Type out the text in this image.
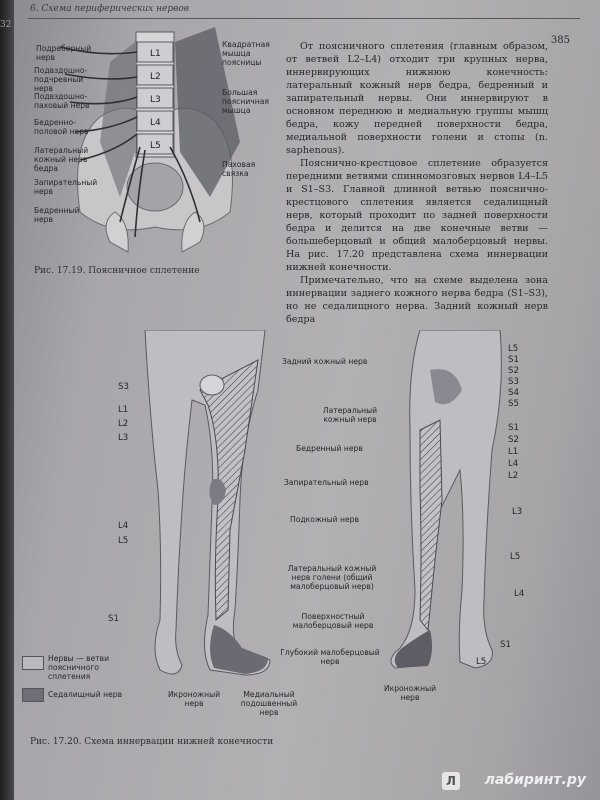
32
6. Схема периферических нервов
385

От поясничного сплетения (главным образом, от ветвей L2–L4) отходит три крупных нерва, иннервирующих нижнюю конечность: латеральный кожный нерв бедра, бедренный и запирательный нервы. Они иннервируют в основном переднюю и медиальную группы мышц бедра, кожу передней поверхности бедра, медиальной поверхности голени и стопы (n. saphenous).

Пояснично-крестцовое сплетение образуется передними ветвями спинномозговых нервов L4–L5 и S1–S3. Главной длинной ветвью пояснично-крестцового сплетения является седалищный нерв, который проходит по задней поверхности бедра и делится на две конечные ветви — большеберцовый и общий малоберцовый нервы. На рис. 17.20 представлена схема иннервации нижней конечности.

Примечательно, что на схеме выделена зона иннервации заднего кожного нерва бедра (S1–S3), но не седалищного нерва. Задний кожный нерв бедра

L1
L2
L3
L4
L5
Подреберный нерв
Подвздошно-подчревный нерв
Подвздошно-паховый нерв
Бедренно-половой нерв
Латеральный кожный нерв бедра
Запирательный нерв
Бедренный нерв
Квадратная мышца поясницы
Большая поясничная мышца
Паховая связка
Рис. 17.19. Поясничное сплетение
S3
L1
L2
L3
L4
L5
S1
Задний кожный нерв
Латеральный кожный нерв
Бедренный нерв
Запирательный нерв
Подкожный нерв
Латеральный кожный нерв голени (общий малоберцовый нерв)
Поверхностный малоберцовый нерв
Глубокий малоберцовый нерв
L5
S1
S2
S3
S4
S5
S1
S2
L1
L4
L2
L3
L5
L4
S1
L5
Икроножный нерв
Медиальный подошвенный нерв
Икроножный нерв
Нервы — ветви поясничного сплетения
Седалищный нерв
Рис. 17.20. Схема иннервации нижней конечности
Л лабиринт.ру
